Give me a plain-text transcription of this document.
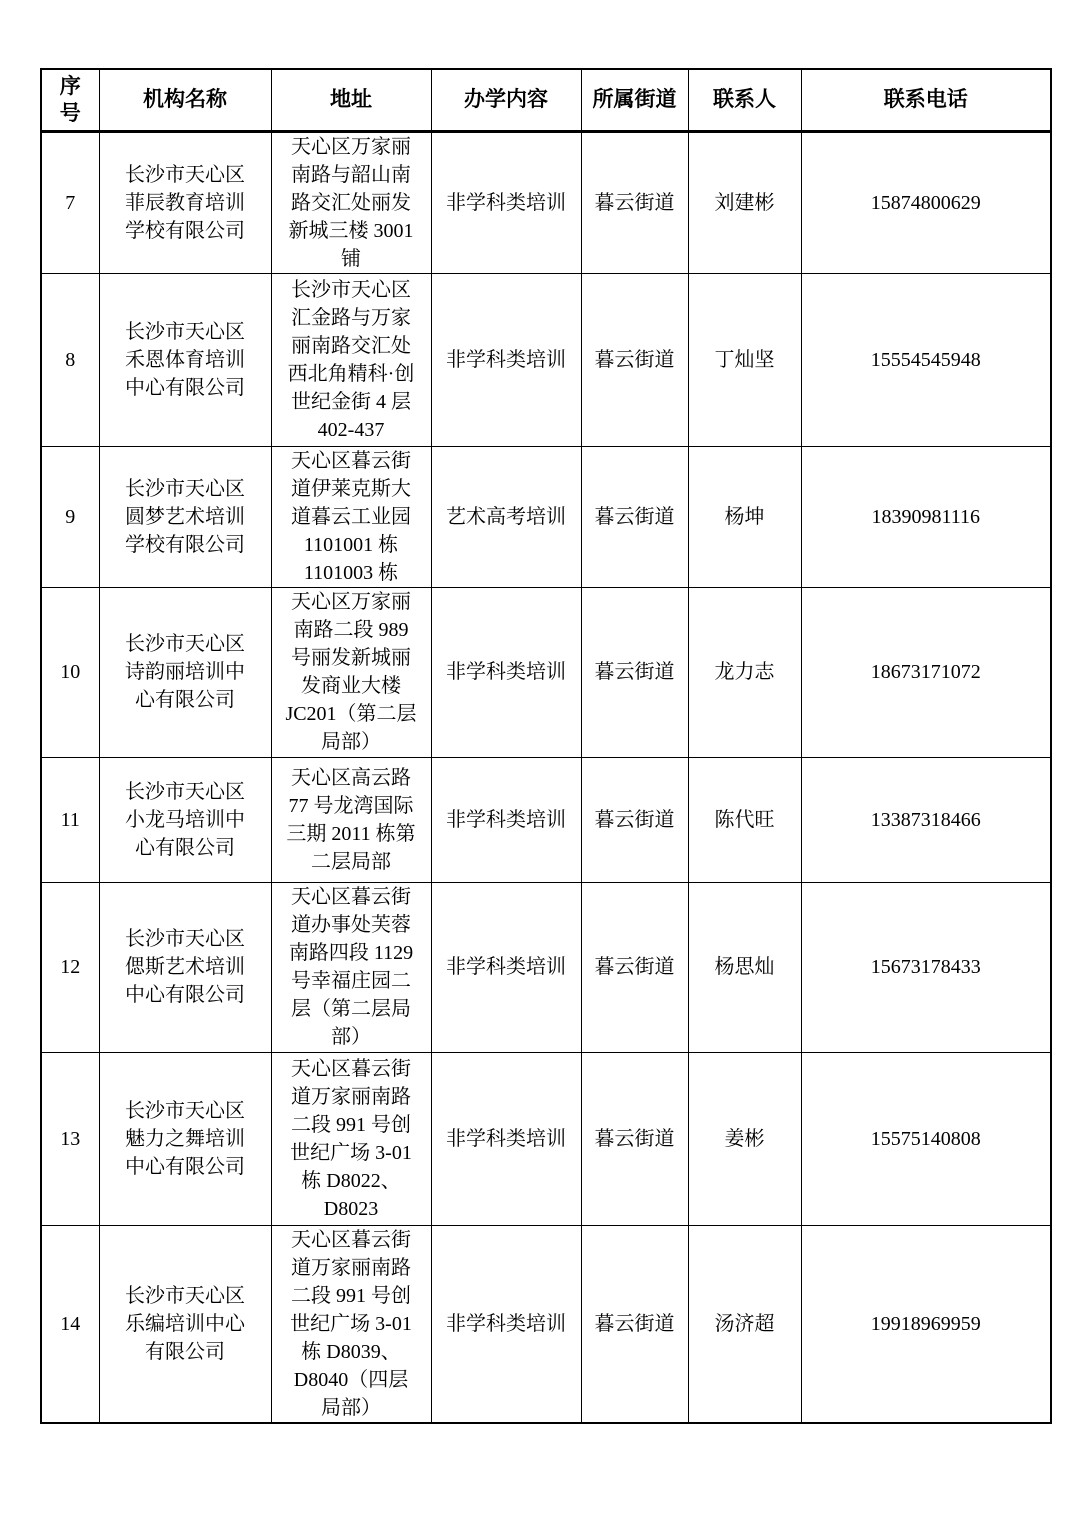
序号	机构名称	地址	办学内容	所属街道	联系人	联系电话
7	长沙市天心区菲辰教育培训学校有限公司	天心区万家丽南路与韶山南路交汇处丽发新城三楼 3001 铺	非学科类培训	暮云街道	刘建彬	15874800629
8	长沙市天心区禾恩体育培训中心有限公司	长沙市天心区汇金路与万家丽南路交汇处西北角精科·创世纪金街 4 层 402-437	非学科类培训	暮云街道	丁灿坚	15554545948
9	长沙市天心区圆梦艺术培训学校有限公司	天心区暮云街道伊莱克斯大道暮云工业园 1101001 栋 1101003 栋	艺术高考培训	暮云街道	杨坤	18390981116
10	长沙市天心区诗韵丽培训中心有限公司	天心区万家丽南路二段 989 号丽发新城丽发商业大楼 JC201（第二层局部）	非学科类培训	暮云街道	龙力志	18673171072
11	长沙市天心区小龙马培训中心有限公司	天心区高云路 77 号龙湾国际三期 2011 栋第二层局部	非学科类培训	暮云街道	陈代旺	13387318466
12	长沙市天心区偲斯艺术培训中心有限公司	天心区暮云街道办事处芙蓉南路四段 1129 号幸福庄园二层（第二层局部）	非学科类培训	暮云街道	杨思灿	15673178433
13	长沙市天心区魅力之舞培训中心有限公司	天心区暮云街道万家丽南路二段 991 号创世纪广场 3-01 栋 D8022、D8023	非学科类培训	暮云街道	姜彬	15575140808
14	长沙市天心区乐编培训中心有限公司	天心区暮云街道万家丽南路二段 991 号创世纪广场 3-01 栋 D8039、D8040（四层局部）	非学科类培训	暮云街道	汤济超	19918969959
